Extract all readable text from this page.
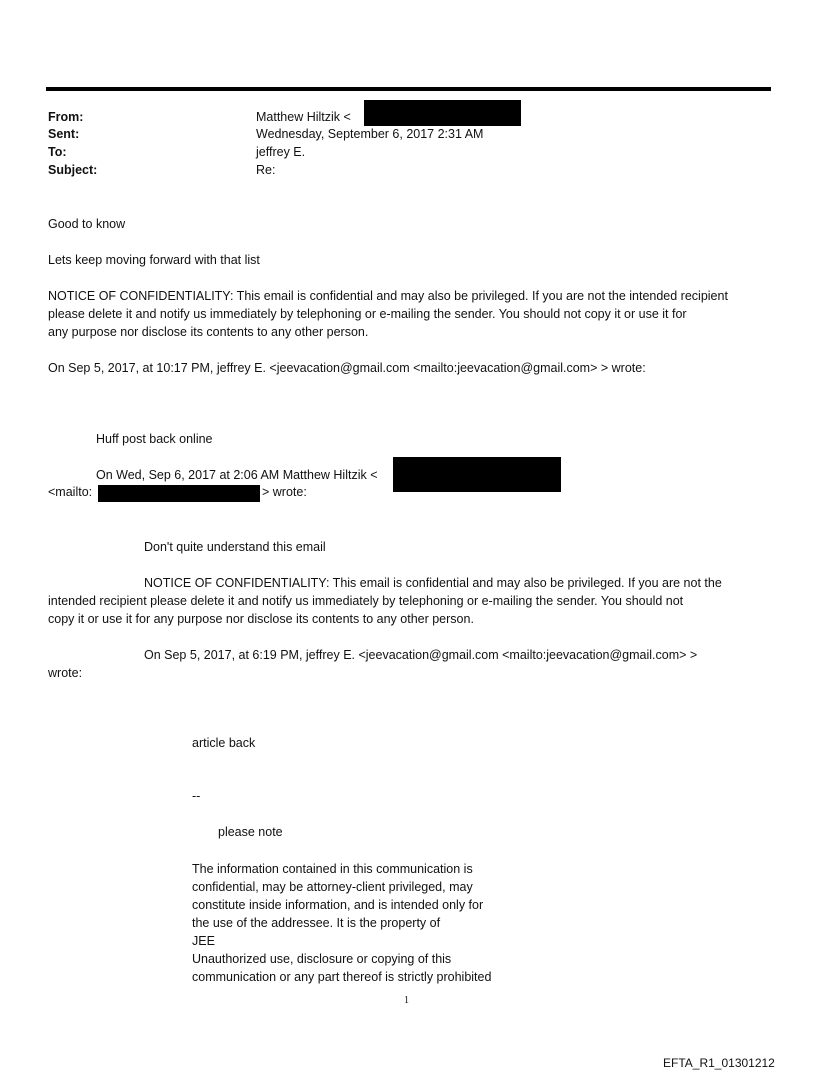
From:	Matthew Hiltzik <
Sent:	Wednesday, September 6, 2017 2:31 AM
To:	jeffrey E.
Subject:	Re:
Good to know
Lets keep moving forward with that list
NOTICE OF CONFIDENTIALITY: This email is confidential and may also be privileged. If you are not the intended recipient
please delete it and notify us immediately by telephoning or e-mailing the sender. You should not copy it or use it for
any purpose nor disclose its contents to any other person.
On Sep 5, 2017, at 10:17 PM, jeffrey E. <jeevacation@gmail.com <mailto:jeevacation@gmail.com> > wrote:
Huff post back online
On Wed, Sep 6, 2017 at 2:06 AM Matthew Hiltzik <
<mailto:	> wrote:
Don't quite understand this email
NOTICE OF CONFIDENTIALITY: This email is confidential and may also be privileged. If you are not the
intended recipient please delete it and notify us immediately by telephoning or e-mailing the sender. You should not
copy it or use it for any purpose nor disclose its contents to any other person.
On Sep 5, 2017, at 6:19 PM, jeffrey E. <jeevacation@gmail.com <mailto:jeevacation@gmail.com> >
wrote:
article back
--
please note
The information contained in this communication is
confidential, may be attorney-client privileged, may
constitute inside information, and is intended only for
the use of the addressee. It is the property of
JEE
Unauthorized use, disclosure or copying of this
communication or any part thereof is strictly prohibited
1
EFTA_R1_01301212
